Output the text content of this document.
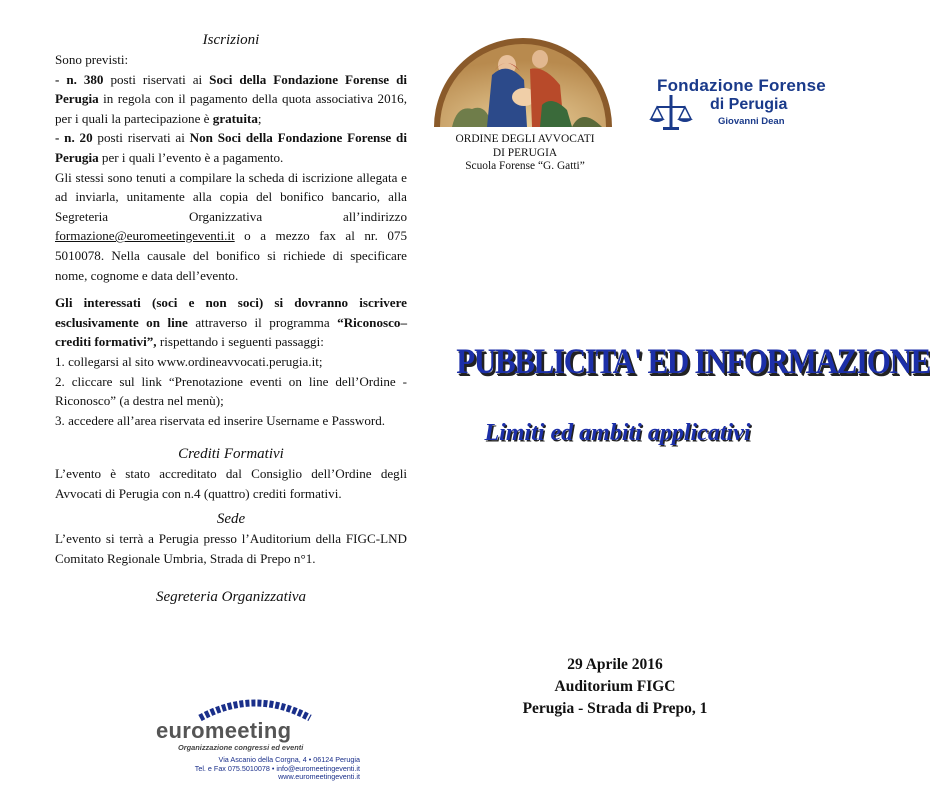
Iscrizioni

Sono previsti:

- n. 380 posti riservati ai Soci della Fondazione Forense di Perugia in regola con il pagamento della quota associativa 2016, per i quali la partecipazione è gratuita;

- n. 20 posti riservati ai Non Soci della Fondazione Forense di Perugia per i quali l’evento è a pagamento.

Gli stessi sono tenuti a compilare la scheda di iscrizione allegata e ad inviarla, unitamente alla copia del bonifico bancario, alla Segreteria Organizzativa all’indirizzo formazione@euromeetingeventi.it o a mezzo fax al nr. 075 5010078. Nella causale del bonifico si richiede di specificare nome, cognome e data dell’evento.

Gli interessati (soci e non soci) si dovranno iscrivere esclusivamente on line attraverso il programma “Riconosco–crediti formativi”, rispettando i seguenti passaggi:

1. collegarsi al sito www.ordineavvocati.perugia.it;

2. cliccare sul link “Prenotazione eventi on line dell’Ordine - Riconosco” (a destra nel menù);

3. accedere all’area riservata ed inserire Username e Password.

Crediti Formativi

L’evento è stato accreditato dal Consiglio dell’Ordine degli Avvocati di Perugia con n.4 (quattro) crediti formativi.

Sede

L’evento si terrà a Perugia presso l’Auditorium della FIGC-LND Comitato Regionale Umbria, Strada di Prepo n°1.

Segreteria Organizzativa

ORDINE DEGLI AVVOCATI
DI PERUGIA
Scuola Forense “G. Gatti”
Fondazione Forense
di Perugia
Giovanni Dean
PUBBLICITA' ED INFORMAZIONE
Limiti ed ambiti applicativi
29 Aprile 2016
Auditorium FIGC
Perugia - Strada di Prepo, 1
euromeeting
Organizzazione congressi ed eventi
Via Ascanio della Corgna, 4 • 06124 Perugia
Tel. e Fax 075.5010078 • info@euromeetingeventi.it
www.euromeetingeventi.it
